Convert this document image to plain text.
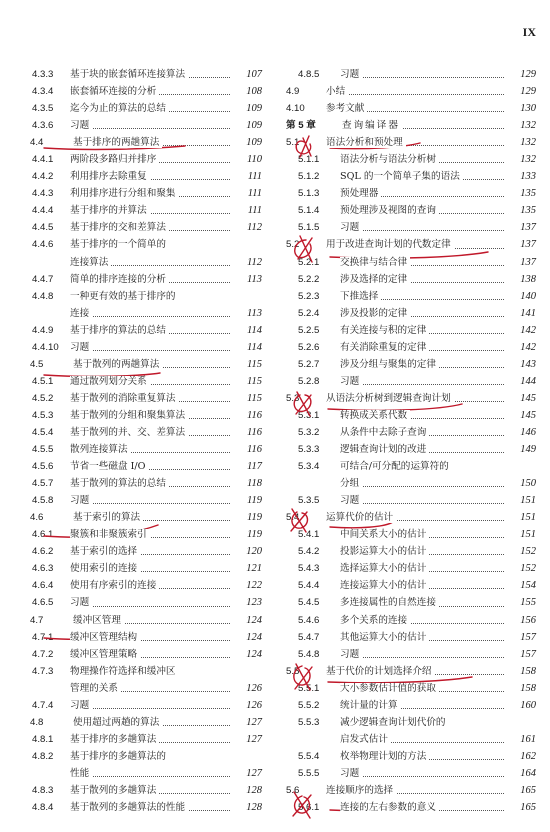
IX
4.3.3 基于块的嵌套循环连接算法	107
4.3.4 嵌套循环连接的分析	108
4.3.5 迄今为止的算法的总结	109
4.3.6 习题	109
4.4	基于排序的两趟算法	109
4.4.1 两阶段多路归并排序	110
4.4.2 利用排序去除重复	111
4.4.3 利用排序进行分组和聚集	111
4.4.4 基于排序的并算法	111
4.4.5 基于排序的交和差算法	112
4.4.6 基于排序的一个简单的
连接算法	112
4.4.7 简单的排序连接的分析	113
4.4.8 一种更有效的基于排序的
连接	113
4.4.9 基于排序的算法的总结	114
4.4.10 习题	114
4.5	基于散列的两趟算法	115
4.5.1 通过散列划分关系	115
4.5.2 基于散列的消除重复算法	115
4.5.3 基于散列的分组和聚集算法	116
4.5.4 基于散列的并、交、差算法	116
4.5.5 散列连接算法	116
4.5.6 节省一些磁盘 I/O	117
4.5.7 基于散列的算法的总结	118
4.5.8 习题	119
4.6	基于索引的算法	119
4.6.1 聚簇和非聚簇索引	119
4.6.2 基于索引的选择	120
4.6.3 使用索引的连接	121
4.6.4 使用有序索引的连接	122
4.6.5 习题	123
4.7	缓冲区管理	124
4.7.1 缓冲区管理结构	124
4.7.2 缓冲区管理策略	124
4.7.3 物理操作符选择和缓冲区
管理的关系	126
4.7.4 习题	126
4.8	使用超过两趟的算法	127
4.8.1 基于排序的多趟算法	127
4.8.2 基于排序的多趟算法的
性能	127
4.8.3 基于散列的多趟算法	128
4.8.4 基于散列的多趟算法的性能	128
4.8.5 习题	129
4.9	小结	129
4.10 参考文献	130
第 5 章	查询编译器	132
5.1	语法分析和预处理	132
5.1.1 语法分析与语法分析树	132
5.1.2 SQL 的一个简单子集的语法	133
5.1.3 预处理器	135
5.1.4 预处理涉及视图的查询	135
5.1.5 习题	137
5.2	用于改进查询计划的代数定律	137
5.2.1 交换律与结合律	137
5.2.2 涉及选择的定律	138
5.2.3 下推选择	140
5.2.4 涉及投影的定律	141
5.2.5 有关连接与积的定律	142
5.2.6 有关消除重复的定律	142
5.2.7 涉及分组与聚集的定律	143
5.2.8 习题	144
5.3	从语法分析树到逻辑查询计划	145
5.3.1 转换成关系代数	145
5.3.2 从条件中去除子查询	146
5.3.3 逻辑查询计划的改进	149
5.3.4 可结合/可分配的运算符的
分组	150
5.3.5 习题	151
5.4	运算代价的估计	151
5.4.1 中间关系大小的估计	151
5.4.2 投影运算大小的估计	152
5.4.3 选择运算大小的估计	152
5.4.4 连接运算大小的估计	154
5.4.5 多连接属性的自然连接	155
5.4.6 多个关系的连接	156
5.4.7 其他运算大小的估计	157
5.4.8 习题	157
5.5	基于代价的计划选择介绍	158
5.5.1 大小参数估计值的获取	158
5.5.2 统计量的计算	160
5.5.3 减少逻辑查询计划代价的
启发式估计	161
5.5.4 枚举物理计划的方法	162
5.5.5 习题	164
5.6	连接顺序的选择	165
5.6.1 连接的左右参数的意义	165
